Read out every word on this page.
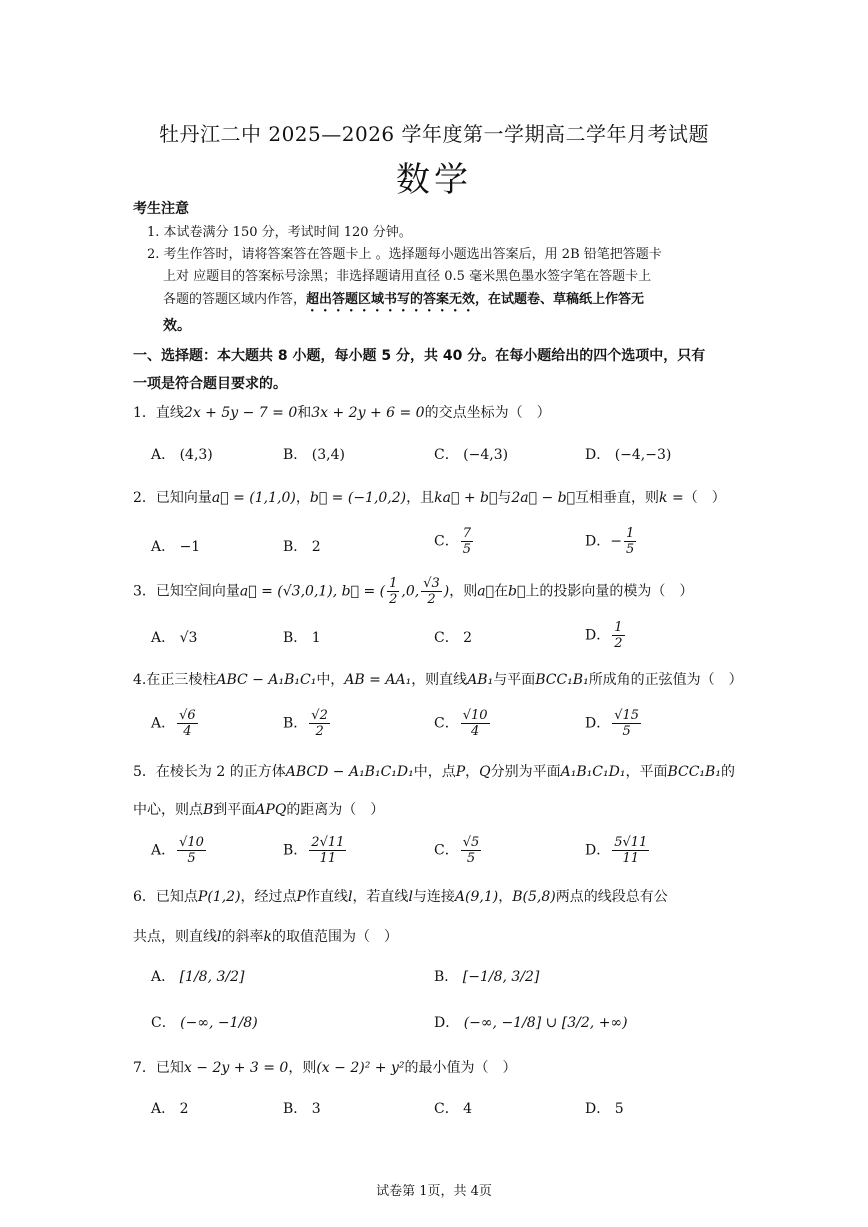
牡丹江二中 2025—2026 学年度第一学期高二学年月考试题
数学
考生注意
1. 本试卷满分 150 分，考试时间 120 分钟。
2. 考生作答时，请将答案答在答题卡上 。选择题每小题选出答案后，用 2B 铅笔把答题卡
上对 应题目的答案标号涂黑；非选择题请用直径 0.5 毫米黑色墨水签字笔在答题卡上
各题的答题区域内作答，超出答题区域书写的答案无效，在试题卷、草稿纸上作答无
效。
一、选择题：本大题共 8 小题，每小题 5 分，共 40 分。在每小题给出的四个选项中，只有
一项是符合题目要求的。
1．直线2x + 5y − 7 = 0和3x + 2y + 6 = 0的交点坐标为（　）
A． (4,3)	B． (3,4)	C． (−4,3)	D． (−4,−3)
2．已知向量a⃗ = (1,1,0)，b⃗ = (−1,0,2)，且ka⃗ + b⃗与2a⃗ − b⃗互相垂直，则k =（　）
A． −1	B． 2	C． $\frac{7}{5}$	D．− $\frac{1}{5}$
3．已知空间向量a⃗ = (√3,0,1), b⃗ = ( $\frac{1}{2} ,0$, $\frac{√3}{2}$ )，则a⃗在b⃗上的投影向量的模为（　）
A． √3	B． 1	C． 2	D． $\frac{1}{2}$
4.在正三棱柱ABC − A₁B₁C₁中，AB = AA₁，则直线AB₁与平面BCC₁B₁所成角的正弦值为（　）
A． $\frac{√6}{4}$	B． $\frac{√2}{2}$	C． $\frac{√10}{4}$	D． $\frac{√15}{5}$
5．在棱长为 2 的正方体ABCD − A₁B₁C₁D₁中，点P，Q分别为平面A₁B₁C₁D₁，平面BCC₁B₁的
中心，则点B到平面APQ的距离为（　）
A． $\frac{√10}{5}$	B． $\frac{2√11}{11}$	C． $\frac{√5}{5}$	D． $\frac{5√11}{11}$
6．已知点P(1,2)，经过点P作直线l，若直线l与连接A(9,1)，B(5,8)两点的线段总有公
共点，则直线l的斜率k的取值范围为（　）
A． [1/8, 3/2]	B． [−1/8, 3/2]
C． (−∞, −1/8)	D． (−∞, −1/8] ∪ [3/2, +∞)
7．已知x − 2y + 3 = 0，则(x − 2)² + y²的最小值为（　）
A． 2	B． 3	C． 4	D． 5
试卷第 1页，共 4页
